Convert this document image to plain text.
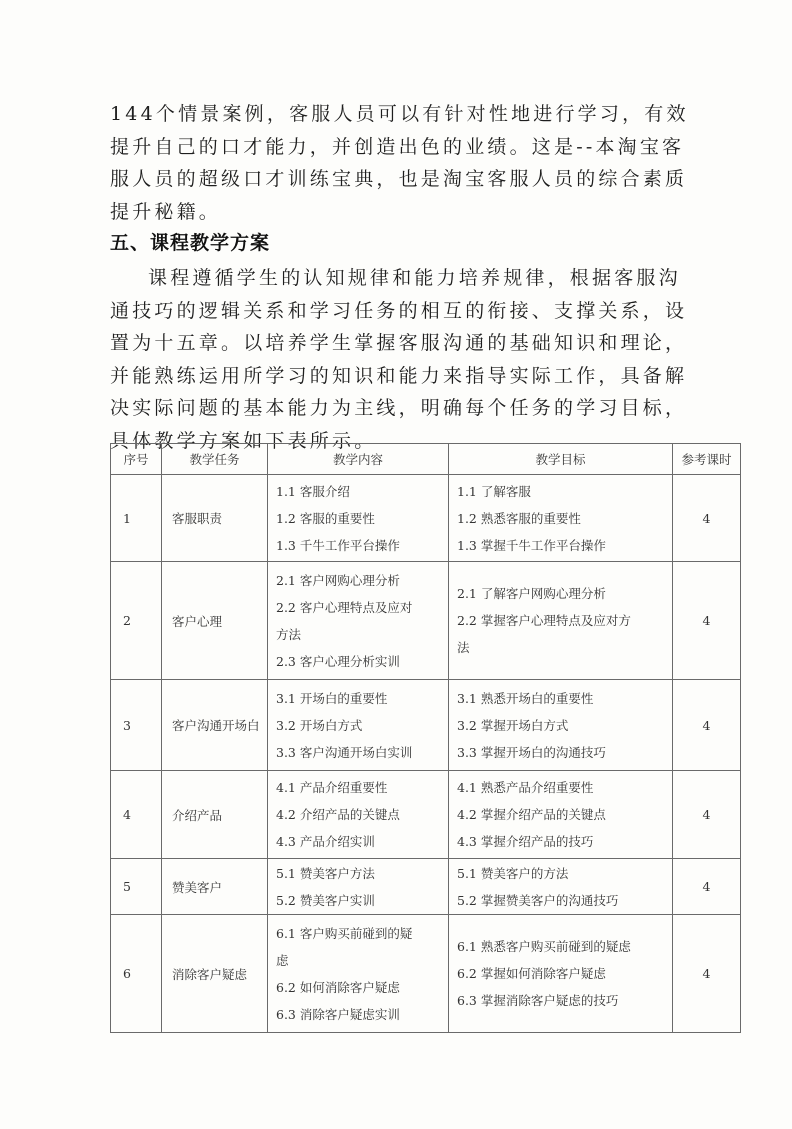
144个情景案例，客服人员可以有针对性地进行学习，有效

提升自己的口才能力，并创造出色的业绩。这是--本淘宝客

服人员的超级口才训练宝典，也是淘宝客服人员的综合素质

提升秘籍。

五、课程教学方案

课程遵循学生的认知规律和能力培养规律，根据客服沟

通技巧的逻辑关系和学习任务的相互的衔接、支撑关系，设

置为十五章。以培养学生掌握客服沟通的基础知识和理论，

并能熟练运用所学习的知识和能力来指导实际工作，具备解

决实际问题的基本能力为主线，明确每个任务的学习目标，

具体教学方案如下表所示。

序号	教学任务	教学内容	教学目标	参考课时
1	客服职责	1.1 客服介绍
1.2 客服的重要性
1.3 千牛工作平台操作	1.1 了解客服
1.2 熟悉客服的重要性
1.3 掌握千牛工作平台操作	4
2	客户心理	2.1 客户网购心理分析
2.2 客户心理特点及应对
方法
2.3 客户心理分析实训	2.1 了解客户网购心理分析
2.2 掌握客户心理特点及应对方
法	4
3	客户沟通开场白	3.1 开场白的重要性
3.2 开场白方式
3.3 客户沟通开场白实训	3.1 熟悉开场白的重要性
3.2 掌握开场白方式
3.3 掌握开场白的沟通技巧	4
4	介绍产品	4.1 产品介绍重要性
4.2 介绍产品的关键点
4.3 产品介绍实训	4.1 熟悉产品介绍重要性
4.2 掌握介绍产品的关键点
4.3 掌握介绍产品的技巧	4
5	赞美客户	5.1 赞美客户方法
5.2 赞美客户实训	5.1 赞美客户的方法
5.2 掌握赞美客户的沟通技巧	4
6	消除客户疑虑	6.1 客户购买前碰到的疑
虑
6.2 如何消除客户疑虑
6.3 消除客户疑虑实训	6.1 熟悉客户购买前碰到的疑虑
6.2 掌握如何消除客户疑虑
6.3 掌握消除客户疑虑的技巧	4
